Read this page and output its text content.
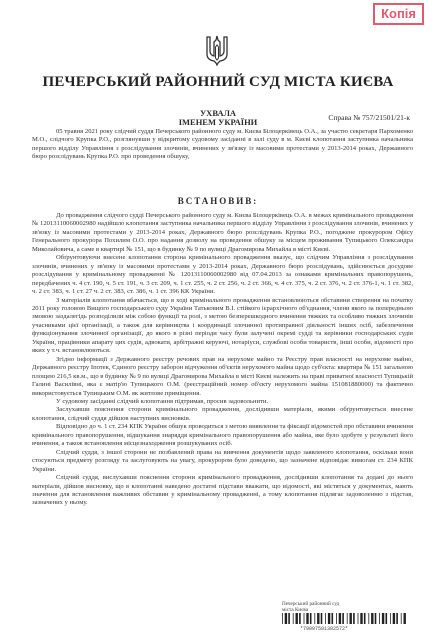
Копія
ПЕЧЕРСЬКИЙ РАЙОННИЙ СУД МІСТА КИЄВА
УХВАЛА
ІМЕНЕМ УКРАЇНИ	Справа № 757/21501/21-к

05 травня 2021 року слідчий суддя Печерського районного суду м. Києва Білоцерківець О.А., за участю секретаря Пархоменко М.О., слідчого Крупка Р.О., розглянувши у відкритому судовому засіданні в залі суду в м. Києві клопотання заступника начальника першого відділу Управління з розслідування злочинів, вчинених у зв'язку із масовими протестами у 2013-2014 роках, Державного бюро розслідувань Крупка Р.О. про проведення обшуку,

ВСТАНОВИВ:

До провадження слідчого судді Печерського районного суду м. Києва Білоцерківець О.А. в межах кримінального провадження № 12013110060002980 надійшло клопотання заступника начальника першого відділу Управління з розслідування злочинів, вчинених у зв'язку із масовими протестами у 2013-2014 роках, Державного бюро розслідувань Крупка Р.О., погоджене прокурором Офісу Генерального прокурора Похилим О.О. про надання дозволу на проведення обшуку за місцем проживання Тупицького Олександра Миколайовича, а саме в квартирі № 151, що в будинку № 9 по вулиці Драгомирова Михайла в місті Києві.

Обґрунтовуючи внесене клопотання сторона кримінального провадження вказує, що слідчим Управління з розслідування злочинів, вчинених у зв'язку із масовими протестами у 2013-2014 роках, Державного бюро розслідувань, здійснюється досудове розслідування у кримінальному провадженні № 12013110060002980 від 07.04.2013 за ознаками кримінальних правопорушень, передбачених ч. 4 ст. 190, ч. 5 ст. 191, ч. 3 ст. 209, ч. 1 ст. 255, ч. 2 ст. 256, ч. 2 ст. 366, ч. 4 ст. 375, ч. 2 ст. 376, ч. 2 ст. 376-1, ч. 1 ст. 382, ч. 2 ст. 383, ч. 1 ст. 27 ч. 2 ст. 383, ст. 386, ч. 1 ст. 396 КК України.

З матеріалів клопотання вбачається, що в ході кримінального провадження встановлюються обставини створення на початку 2011 року головою Вищого господарського суду України Татьковим В.І. стійкого ієрархічного об'єднання, члени якого за попередньою змовою заздалегідь розподілили між собою функції та ролі, з метою безперешкодного вчинення тяжких та особливо тяжких злочинів учасниками цієї організації, а також для керівництва і координації злочинної протиправної діяльності інших осіб, забезпечення функціонування злочинної організації, до якого в різні періоди часу були залучені окремі судді та керівники господарських судів України, працівники апарату цих судів, адвокати, арбітражні керуючі, нотаріуси, службові особи товариств, інші особи, відомості про яких у т.ч. встановлюються.

Згідно інформації з Державного реєстру речових прав на нерухоме майно та Реєстру прав власності на нерухоме майно, Державного реєстру Іпотек, Єдиного реєстру заборон відчуження об'єктів нерухомого майна щодо суб'єкта: квартира № 151 загальною площею 216,5 кв.м., що в будинку № 9 по вулиці Драгомирова Михайла в місті Києві належить на праві приватної власності Тупицькій Галині Василівні, яка є матір'ю Тупицького О.М. (реєстраційний номер об'єкту нерухомого майна 151081880000) та фактично використовується Тупицьким О.М. як житлове приміщення.

У судовому засіданні слідчий клопотання підтримав, просив задовольнити.

Заслухавши пояснення сторони кримінального провадження, дослідивши матеріали, якими обґрунтовується внесене клопотання, слідчий суддя дійшов наступних висновків.

Відповідно до ч. 1 ст. 234 КПК України обшук проводиться з метою виявлення та фіксації відомостей про обставини вчинення кримінального правопорушення, відшукання знаряддя кримінального правопорушення або майна, яке було здобуте у результаті його вчинення, а також встановлення місцезнаходження розшукуваних осіб.

Слідчий суддя, з іншої сторони не позбавлений права на вивчення документів щодо заявленого клопотання, оскільки вони стосуються предмету розгляду та заслуговують на увагу, прокурором було доведено, що зазначене відповідає вимогам ст. 234 КПК України.

Слідчий суддя, вислухавши пояснення сторони кримінального провадження, дослідивши клопотання та додані до нього матеріали, дійшов висновку, що в клопотанні наведено достатні підстави вважати, що відомості, які містяться у документах, мають значення для встановлення важливих обставин у кримінальному провадженні, а тому клопотання підлягає задоволенню з підстав, зазначених у ньому.

Печерський районний суд
міста Києва
*79097501302572*
